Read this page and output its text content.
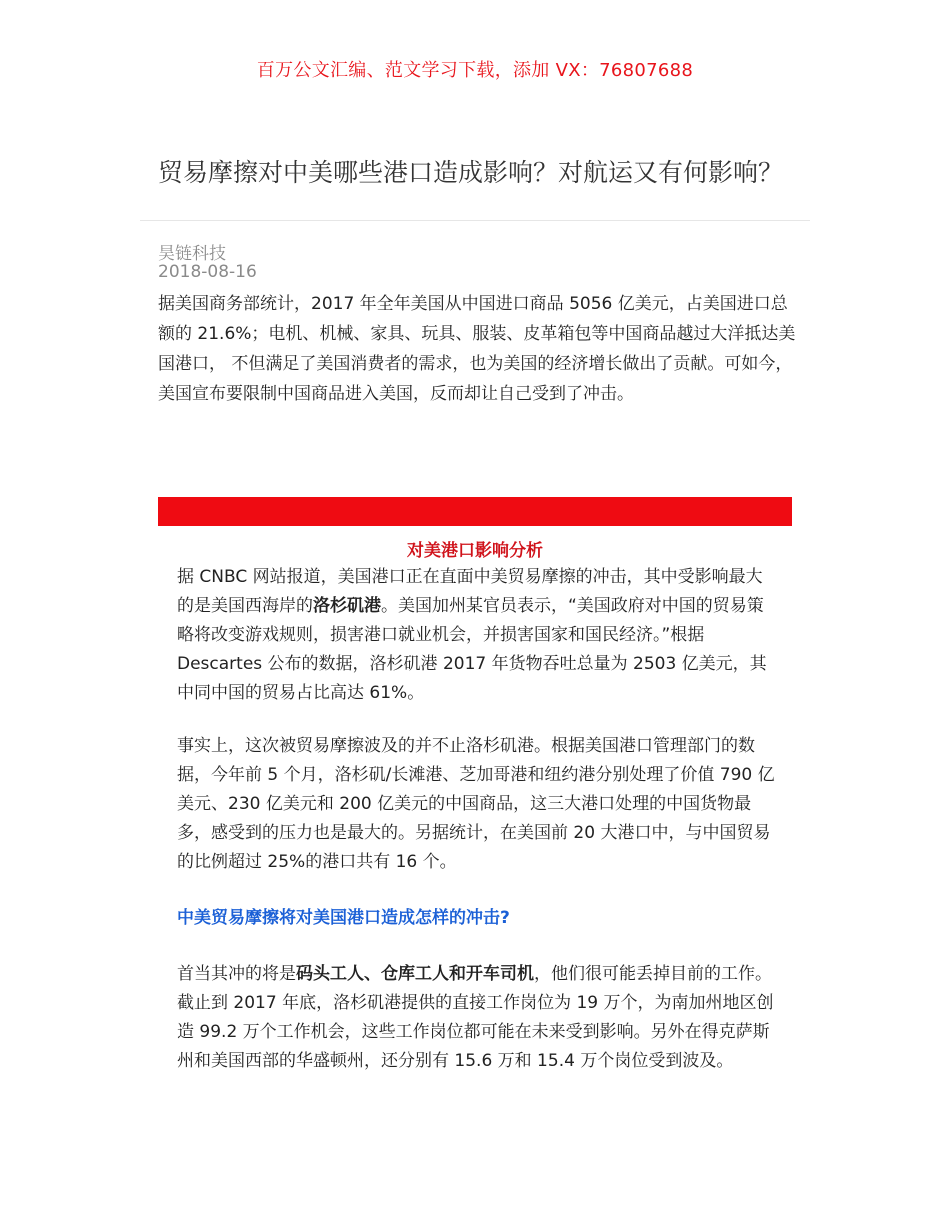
百万公文汇编、范文学习下载，添加 VX：76807688
贸易摩擦对中美哪些港口造成影响？对航运又有何影响？
昊链科技
2018-08-16
据美国商务部统计，2017 年全年美国从中国进口商品 5056 亿美元，占美国进口总额的 21.6%；电机、机械、家具、玩具、服装、皮革箱包等中国商品越过大洋抵达美国港口， 不但满足了美国消费者的需求，也为美国的经济增长做出了贡献。可如今，美国宣布要限制中国商品进入美国，反而却让自己受到了冲击。
对美港口影响分析
据 CNBC 网站报道，美国港口正在直面中美贸易摩擦的冲击，其中受影响最大的是美国西海岸的洛杉矶港。美国加州某官员表示，“美国政府对中国的贸易策略将改变游戏规则，损害港口就业机会，并损害国家和国民经济。”根据 Descartes 公布的数据，洛杉矶港 2017 年货物吞吐总量为 2503 亿美元，其中同中国的贸易占比高达 61%。
事实上，这次被贸易摩擦波及的并不止洛杉矶港。根据美国港口管理部门的数据，今年前 5 个月，洛杉矶/长滩港、芝加哥港和纽约港分别处理了价值 790 亿美元、230 亿美元和 200 亿美元的中国商品，这三大港口处理的中国货物最多，感受到的压力也是最大的。另据统计，在美国前 20 大港口中，与中国贸易的比例超过 25%的港口共有 16 个。
中美贸易摩擦将对美国港口造成怎样的冲击?
首当其冲的将是码头工人、仓库工人和开车司机，他们很可能丢掉目前的工作。截止到 2017 年底，洛杉矶港提供的直接工作岗位为 19 万个，为南加州地区创造 99.2 万个工作机会，这些工作岗位都可能在未来受到影响。另外在得克萨斯州和美国西部的华盛顿州，还分别有 15.6 万和 15.4 万个岗位受到波及。
